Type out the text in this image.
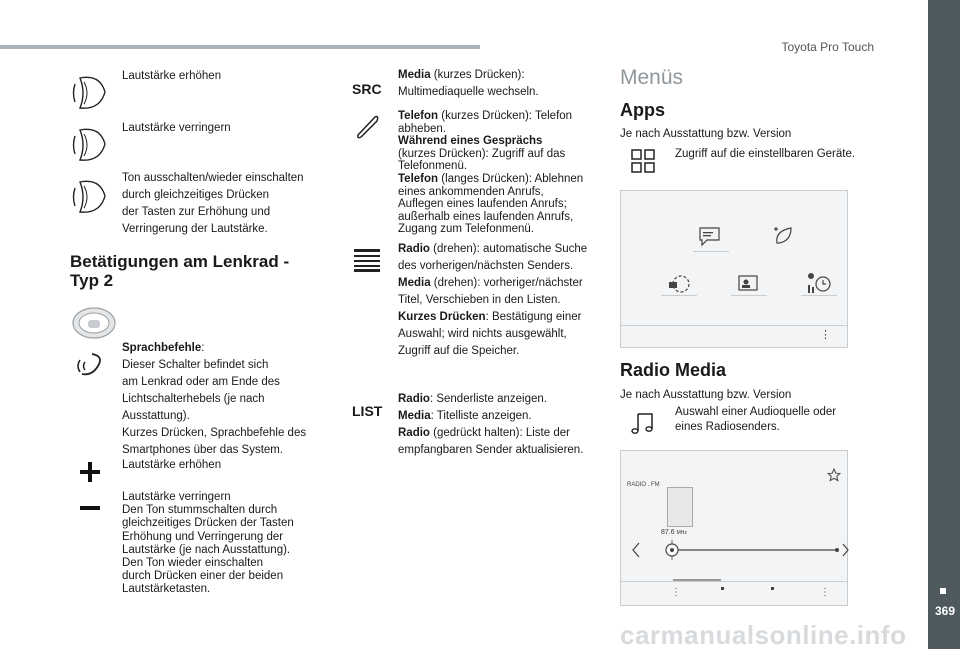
Toyota Pro Touch
369
Lautstärke erhöhen
Lautstärke verringern
Ton ausschalten/wieder einschalten
durch gleichzeitiges Drücken
der Tasten zur Erhöhung und
Verringerung der Lautstärke.
Betätigungen am Lenkrad -
Typ 2
Sprachbefehle:
Dieser Schalter befindet sich
am Lenkrad oder am Ende des
Lichtschalterhebels (je nach
Ausstattung).
Kurzes Drücken, Sprachbefehle des
Smartphones über das System.
Lautstärke erhöhen
Lautstärke verringern
Den Ton stummschalten durch
gleichzeitiges Drücken der Tasten
Erhöhung und Verringerung der
Lautstärke (je nach Ausstattung).
Den Ton wieder einschalten
durch Drücken einer der beiden
Lautstärketasten.
SRC
Media (kurzes Drücken):
Multimediaquelle wechseln.
Telefon (kurzes Drücken): Telefon
abheben.
Während eines Gesprächs
(kurzes Drücken): Zugriff auf das
Telefonmenü.
Telefon (langes Drücken): Ablehnen
eines ankommenden Anrufs,
Auflegen eines laufenden Anrufs;
außerhalb eines laufenden Anrufs,
Zugang zum Telefonmenü.
Radio (drehen): automatische Suche
des vorherigen/nächsten Senders.
Media (drehen): vorheriger/nächster
Titel, Verschieben in den Listen.
Kurzes Drücken: Bestätigung einer
Auswahl; wird nichts ausgewählt,
Zugriff auf die Speicher.
LIST
Radio: Senderliste anzeigen.
Media: Titelliste anzeigen.
Radio (gedrückt halten): Liste der
empfangbaren Sender aktualisieren.
Menüs
Apps
Je nach Ausstattung bzw. Version
Zugriff auf die einstellbaren Geräte.
⋮
Radio Media
Je nach Ausstattung bzw. Version
Auswahl einer Audioquelle oder
eines Radiosenders.
RADIO . FM
87.6 MHz
⋮	⋮
carmanualsonline.info
